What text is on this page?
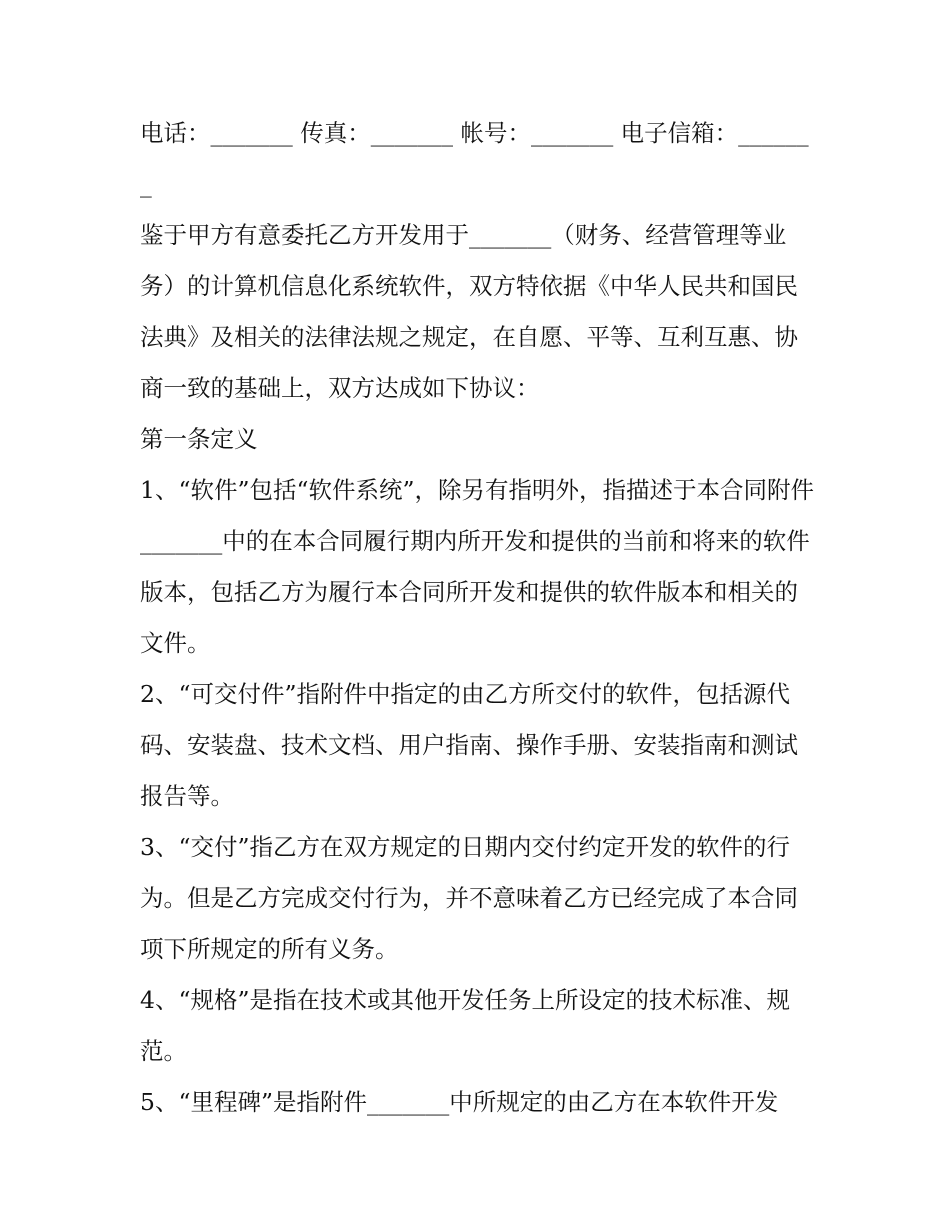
电话：_______ 传真：_______ 帐号：_______ 电子信箱：_______

鉴于甲方有意委托乙方开发用于_______（财务、经营管理等业务）的计算机信息化系统软件，双方特依据《中华人民共和国民法典》及相关的法律法规之规定，在自愿、平等、互利互惠、协商一致的基础上，双方达成如下协议：

第一条定义

1、“软件”包括“软件系统”，除另有指明外，指描述于本合同附件_______中的在本合同履行期内所开发和提供的当前和将来的软件版本，包括乙方为履行本合同所开发和提供的软件版本和相关的文件。

2、“可交付件”指附件中指定的由乙方所交付的软件，包括源代码、安装盘、技术文档、用户指南、操作手册、安装指南和测试报告等。

3、“交付”指乙方在双方规定的日期内交付约定开发的软件的行为。但是乙方完成交付行为，并不意味着乙方已经完成了本合同项下所规定的所有义务。

4、“规格”是指在技术或其他开发任务上所设定的技术标准、规范。

5、“里程碑”是指附件_______中所规定的由乙方在本软件开发
